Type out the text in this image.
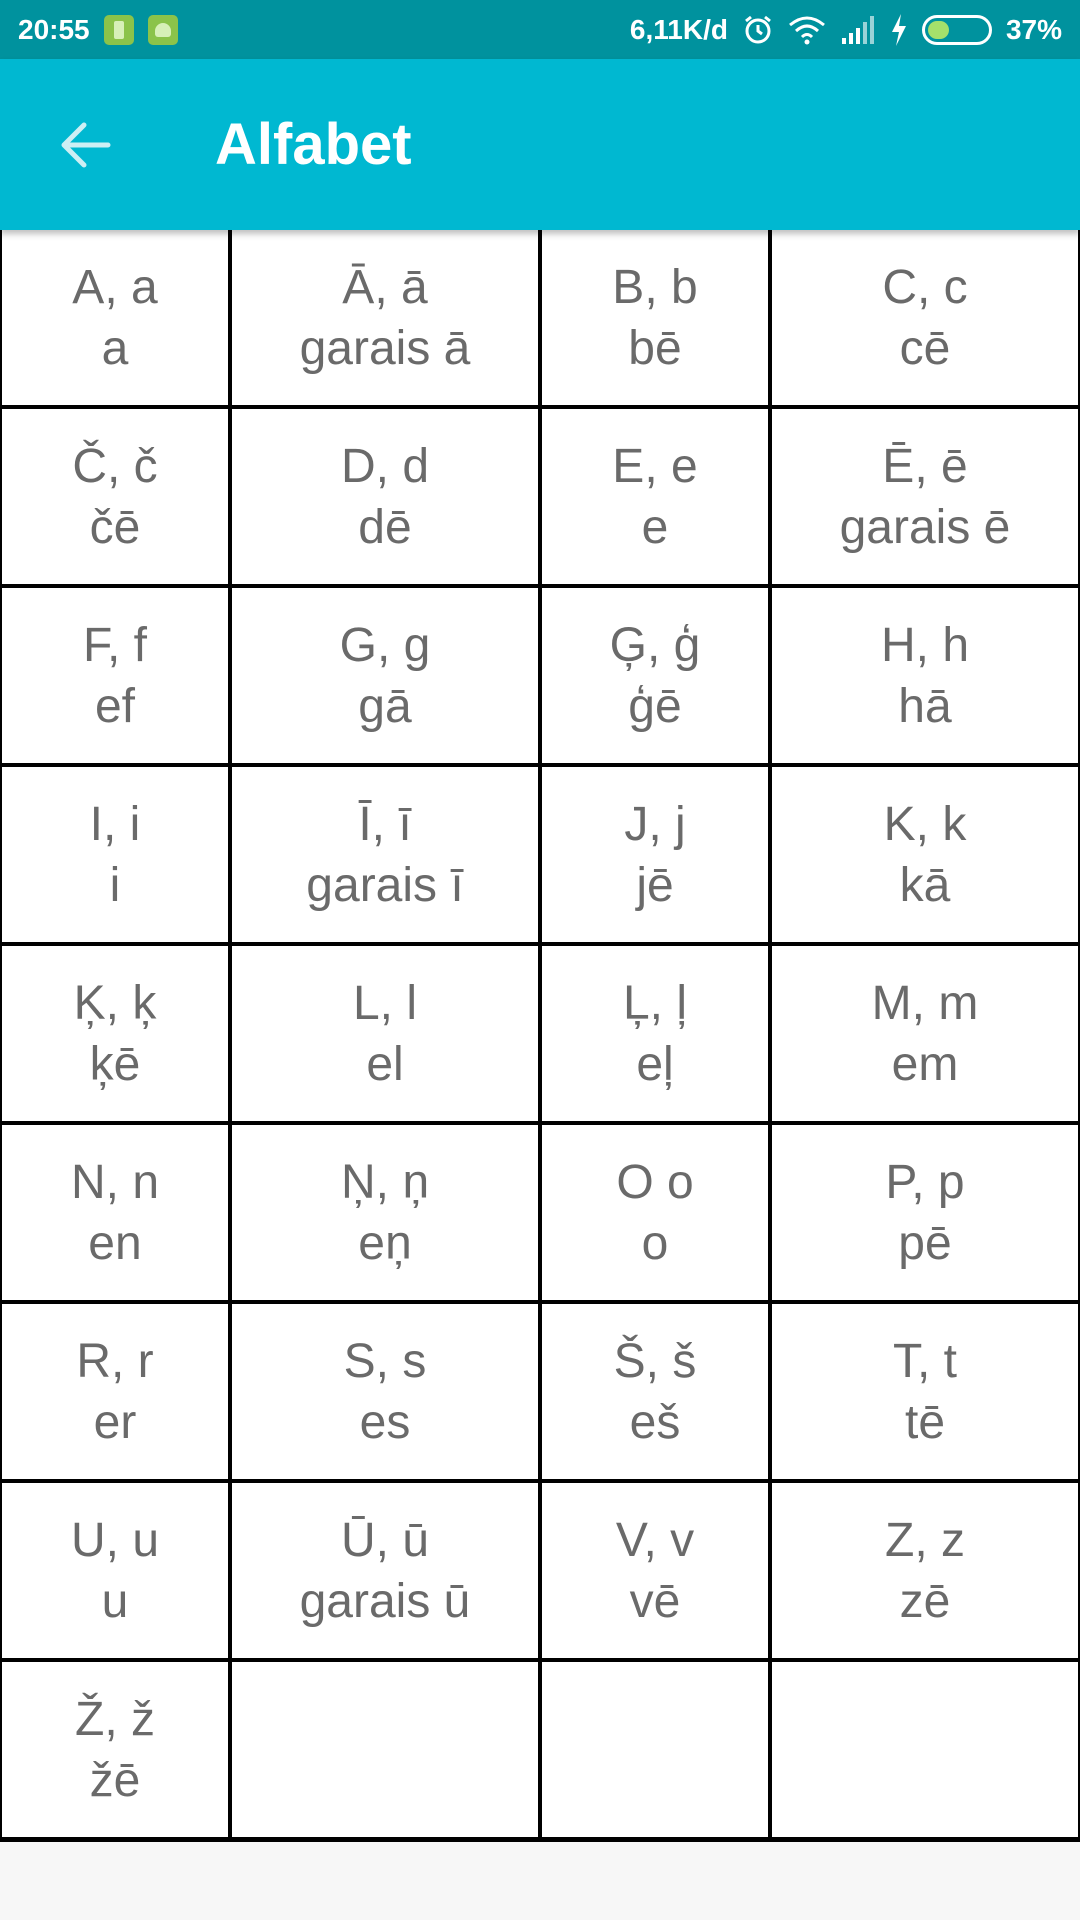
20:55	6,11K/d	37%
Alfabet
A, a
a
Ā, ā
garais ā
B, b
bē
C, c
cē
Č, č
čē
D, d
dē
E, e
e
Ē, ē
garais ē
F, f
ef
G, g
gā
Ģ, ģ
ģē
H, h
hā
I, i
i
Ī, ī
garais ī
J, j
jē
K, k
kā
Ķ, ķ
ķē
L, l
el
Ļ, ļ
eļ
M, m
em
N, n
en
Ņ, ņ
eņ
O o
o
P, p
pē
R, r
er
S, s
es
Š, š
eš
T, t
tē
U, u
u
Ū, ū
garais ū
V, v
vē
Z, z
zē
Ž, ž
žē
